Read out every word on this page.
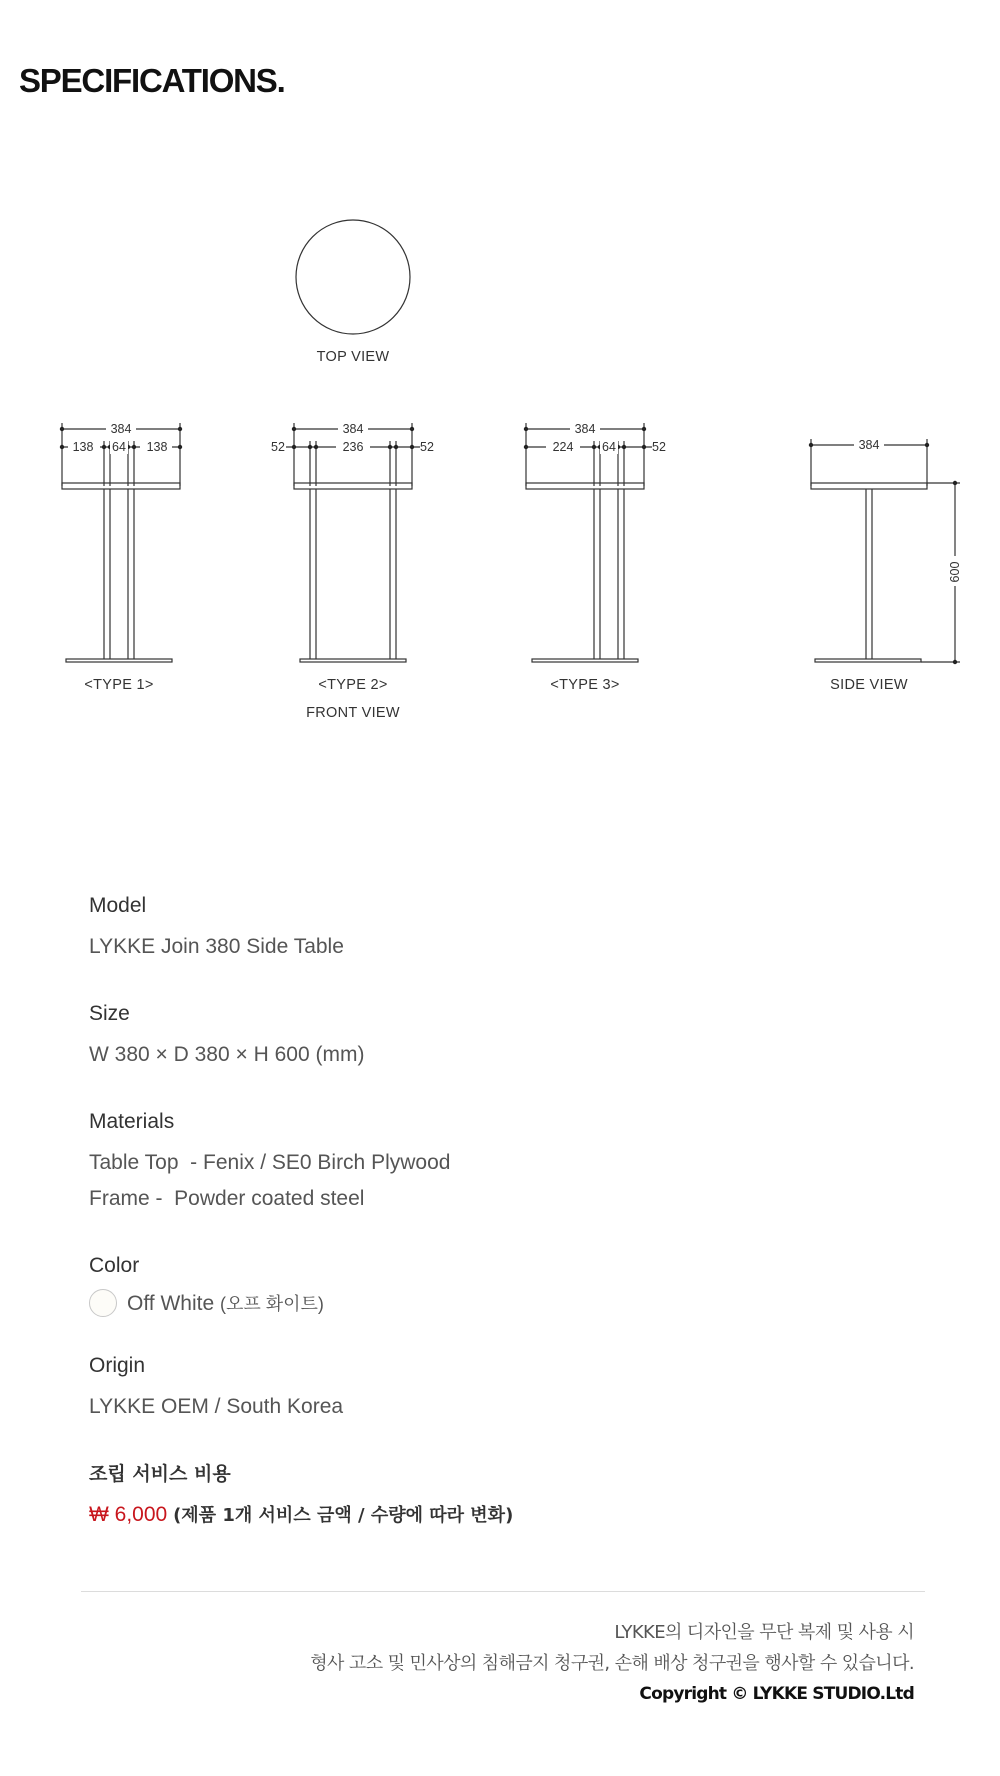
SPECIFICATIONS.
384
138 64 138
384
52	236	52
384
224 64	52	384
600
TOP VIEW
<TYPE 1>	<TYPE 2>	<TYPE 3>	SIDE VIEW
FRONT VIEW

Model

LYKKE Join 380 Side Table

Size

W 380 × D 380 × H 600 (mm)

Materials

Table Top  - Fenix / SE0 Birch Plywood

Frame -  Powder coated steel

Color

Off White (오프 화이트)

Origin

LYKKE OEM / South Korea

조립 서비스 비용

₩ 6,000 (제품 1개 서비스 금액 / 수량에 따라 변화)

LYKKE의 디자인을 무단 복제 및 사용 시
형사 고소 및 민사상의 침해금지 청구권, 손해 배상 청구권을 행사할 수 있습니다.
Copyright © LYKKE STUDIO.Ltd
